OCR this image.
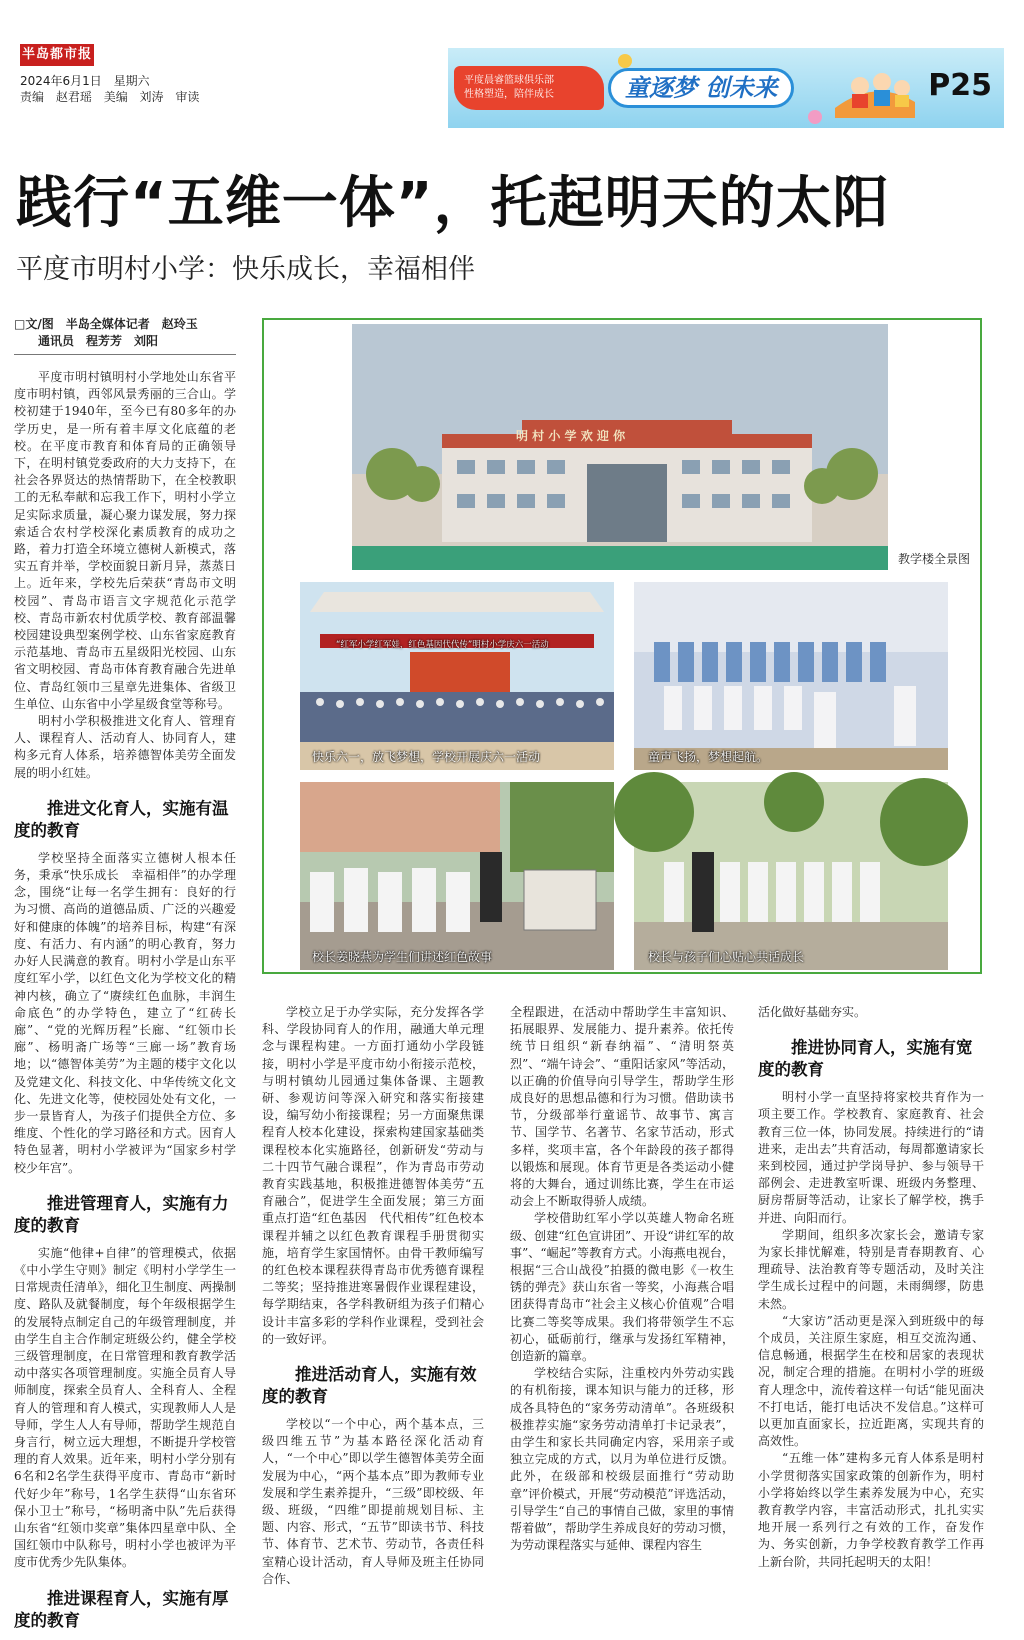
半岛都市报
2024年6月1日 星期六
责编 赵君瑶 美编 刘涛 审读
平度晨睿篮球俱乐部
性格塑造，陪伴成长	童逐梦 创未来	P25
践行“五维一体”，托起明天的太阳
平度市明村小学：快乐成长，幸福相伴
□文/图　半岛全媒体记者　赵玲玉
通讯员　程芳芳　刘阳

平度市明村镇明村小学地处山东省平度市明村镇，西邻风景秀丽的三合山。学校初建于1940年，至今已有80多年的办学历史，是一所有着丰厚文化底蕴的老校。在平度市教育和体育局的正确领导下，在明村镇党委政府的大力支持下，在社会各界贤达的热情帮助下，在全校教职工的无私奉献和忘我工作下，明村小学立足实际求质量，凝心聚力谋发展，努力探索适合农村学校深化素质教育的成功之路，着力打造全环境立德树人新模式，落实五育并举，学校面貌日新月异，蒸蒸日上。近年来，学校先后荣获“青岛市文明校园”、青岛市语言文字规范化示范学校、青岛市新农村优质学校、教育部温馨校园建设典型案例学校、山东省家庭教育示范基地、青岛市五星级阳光校园、山东省文明校园、青岛市体育教育融合先进单位、青岛红领巾三星章先进集体、省级卫生单位、山东省中小学星级食堂等称号。

明村小学积极推进文化育人、管理育人、课程育人、活动育人、协同育人，建构多元育人体系，培养德智体美劳全面发展的明小红娃。

推进文化育人，实施有温
度的教育

学校坚持全面落实立德树人根本任务，秉承“快乐成长　幸福相伴”的办学理念，围绕“让每一名学生拥有：良好的行为习惯、高尚的道德品质、广泛的兴趣爱好和健康的体魄”的培养目标，构建“有深度、有活力、有内涵”的明心教育，努力办好人民满意的教育。明村小学是山东平度红军小学，以红色文化为学校文化的精神内核，确立了“赓续红色血脉，丰润生命底色”的办学特色，建立了“红砖长廊”、“党的光辉历程”长廊、“红领巾长廊”、杨明斋广场等“三廊一场”教育场地；以“德智体美劳”为主题的楼宇文化以及党建文化、科技文化、中华传统文化文化、先进文化等，使校园处处有文化，一步一景皆育人，为孩子们提供全方位、多维度、个性化的学习路径和方式。因育人特色显著，明村小学被评为“国家乡村学校少年宫”。

推进管理育人，实施有力
度的教育

实施“他律+自律”的管理模式，依据《中小学生守则》制定《明村小学学生一日常规责任清单》，细化卫生制度、两操制度、路队及就餐制度，每个年级根据学生的发展特点制定自己的年级管理制度，并由学生自主合作制定班级公约，健全学校三级管理制度，在日常管理和教育教学活动中落实各项管理制度。实施全员育人导师制度，探索全员育人、全科育人、全程育人的管理和育人模式，实现教师人人是导师，学生人人有导师，帮助学生规范自身言行，树立远大理想，不断提升学校管理的育人效果。近年来，明村小学分别有6名和2名学生获得平度市、青岛市“新时代好少年”称号，1名学生获得“山东省环保小卫士”称号，“杨明斋中队”先后获得山东省“红领巾奖章”集体四星章中队、全国红领巾中队称号，明村小学也被评为平度市优秀少先队集体。

推进课程育人，实施有厚
度的教育
明 村 小 学 欢 迎 你
教学楼全景图
“红军小学红军娃，红色基因代代传”明村小学庆六一活动
快乐六一，放飞梦想，学校开展庆六一活动	童声飞扬，梦想起航。
校长姜晓燕为学生们讲述红色故事	校长与孩子们心贴心共话成长

学校立足于办学实际，充分发挥各学科、学段协同育人的作用，融通大单元理念与课程构建。一方面打通幼小学段链接，明村小学是平度市幼小衔接示范校，与明村镇幼儿园通过集体备课、主题教研、参观访问等深入研究和落实衔接建设，编写幼小衔接课程；另一方面聚焦课程育人校本化建设，探索构建国家基础类课程校本化实施路径，创新研发“劳动与二十四节气融合课程”，作为青岛市劳动教育实践基地，积极推进德智体美劳“五育融合”，促进学生全面发展；第三方面重点打造“红色基因　代代相传”红色校本课程并辅之以红色教育课程手册贯彻实施，培育学生家国情怀。由骨干教师编写的红色校本课程获得青岛市优秀德育课程二等奖；坚持推进寒暑假作业课程建设，每学期结束，各学科教研组为孩子们精心设计丰富多彩的学科作业课程，受到社会的一致好评。

推进活动育人，实施有效
度的教育

学校以“一个中心，两个基本点，三级四维五节”为基本路径深化活动育人，“一个中心”即以学生德智体美劳全面发展为中心，“两个基本点”即为教师专业发展和学生素养提升，“三级”即校级、年级、班级，“四维”即提前规划目标、主题、内容、形式，“五节”即读书节、科技节、体育节、艺术节、劳动节，各责任科室精心设计活动，育人导师及班主任协同合作、

全程跟进，在活动中帮助学生丰富知识、拓展眼界、发展能力、提升素养。依托传统节日组织“新春纳福”、“清明祭英烈”、“端午诗会”、“重阳话家风”等活动，以正确的价值导向引导学生，帮助学生形成良好的思想品德和行为习惯。借助读书节，分级部举行童谣节、故事节、寓言节、国学节、名著节、名家节活动，形式多样，奖项丰富，各个年龄段的孩子都得以锻炼和展现。体育节更是各类运动小健将的大舞台，通过训练比赛，学生在市运动会上不断取得骄人成绩。

学校借助红军小学以英雄人物命名班级、创建“红色宣讲团”、开设“讲红军的故事”、“崛起”等教育方式。小海燕电视台，根据“三合山战役”拍摄的微电影《一枚生锈的弹壳》获山东省一等奖，小海燕合唱团获得青岛市“社会主义核心价值观”合唱比赛二等奖等成果。我们将带领学生不忘初心，砥砺前行，继承与发扬红军精神，创造新的篇章。

学校结合实际，注重校内外劳动实践的有机衔接，课本知识与能力的迁移，形成各具特色的“家务劳动清单”。各班级积极推荐实施“家务劳动清单打卡记录表”，由学生和家长共同确定内容，采用亲子或独立完成的方式，以月为单位进行反馈。此外，在级部和校级层面推行“劳动助章”评价模式，开展“劳动模范”评选活动，引导学生“自己的事情自己做，家里的事情帮着做”，帮助学生养成良好的劳动习惯，为劳动课程落实与延伸、课程内容生

活化做好基础夯实。

推进协同育人，实施有宽
度的教育

明村小学一直坚持将家校共育作为一项主要工作。学校教育、家庭教育、社会教育三位一体，协同发展。持续进行的“请进来，走出去”共育活动，每周都邀请家长来到校园，通过护学岗导护、参与领导干部例会、走进教室听课、班级内务整理、厨房帮厨等活动，让家长了解学校，携手并进、向阳而行。

学期间，组织多次家长会，邀请专家为家长排忧解难，特别是青春期教育、心理疏导、法治教育等专题活动，及时关注学生成长过程中的问题，未雨绸缪，防患未然。

“大家访”活动更是深入到班级中的每个成员，关注原生家庭，相互交流沟通、信息畅通，根据学生在校和居家的表现状况，制定合理的措施。在明村小学的班级育人理念中，流传着这样一句话“能见面决不打电话，能打电话决不发信息。”这样可以更加直面家长，拉近距离，实现共育的高效性。

“五维一体”建构多元育人体系是明村小学贯彻落实国家政策的创新作为，明村小学将始终以学生素养发展为中心，充实教育教学内容，丰富活动形式，扎扎实实地开展一系列行之有效的工作，奋发作为、务实创新，力争学校教育教学工作再上新台阶，共同托起明天的太阳！
